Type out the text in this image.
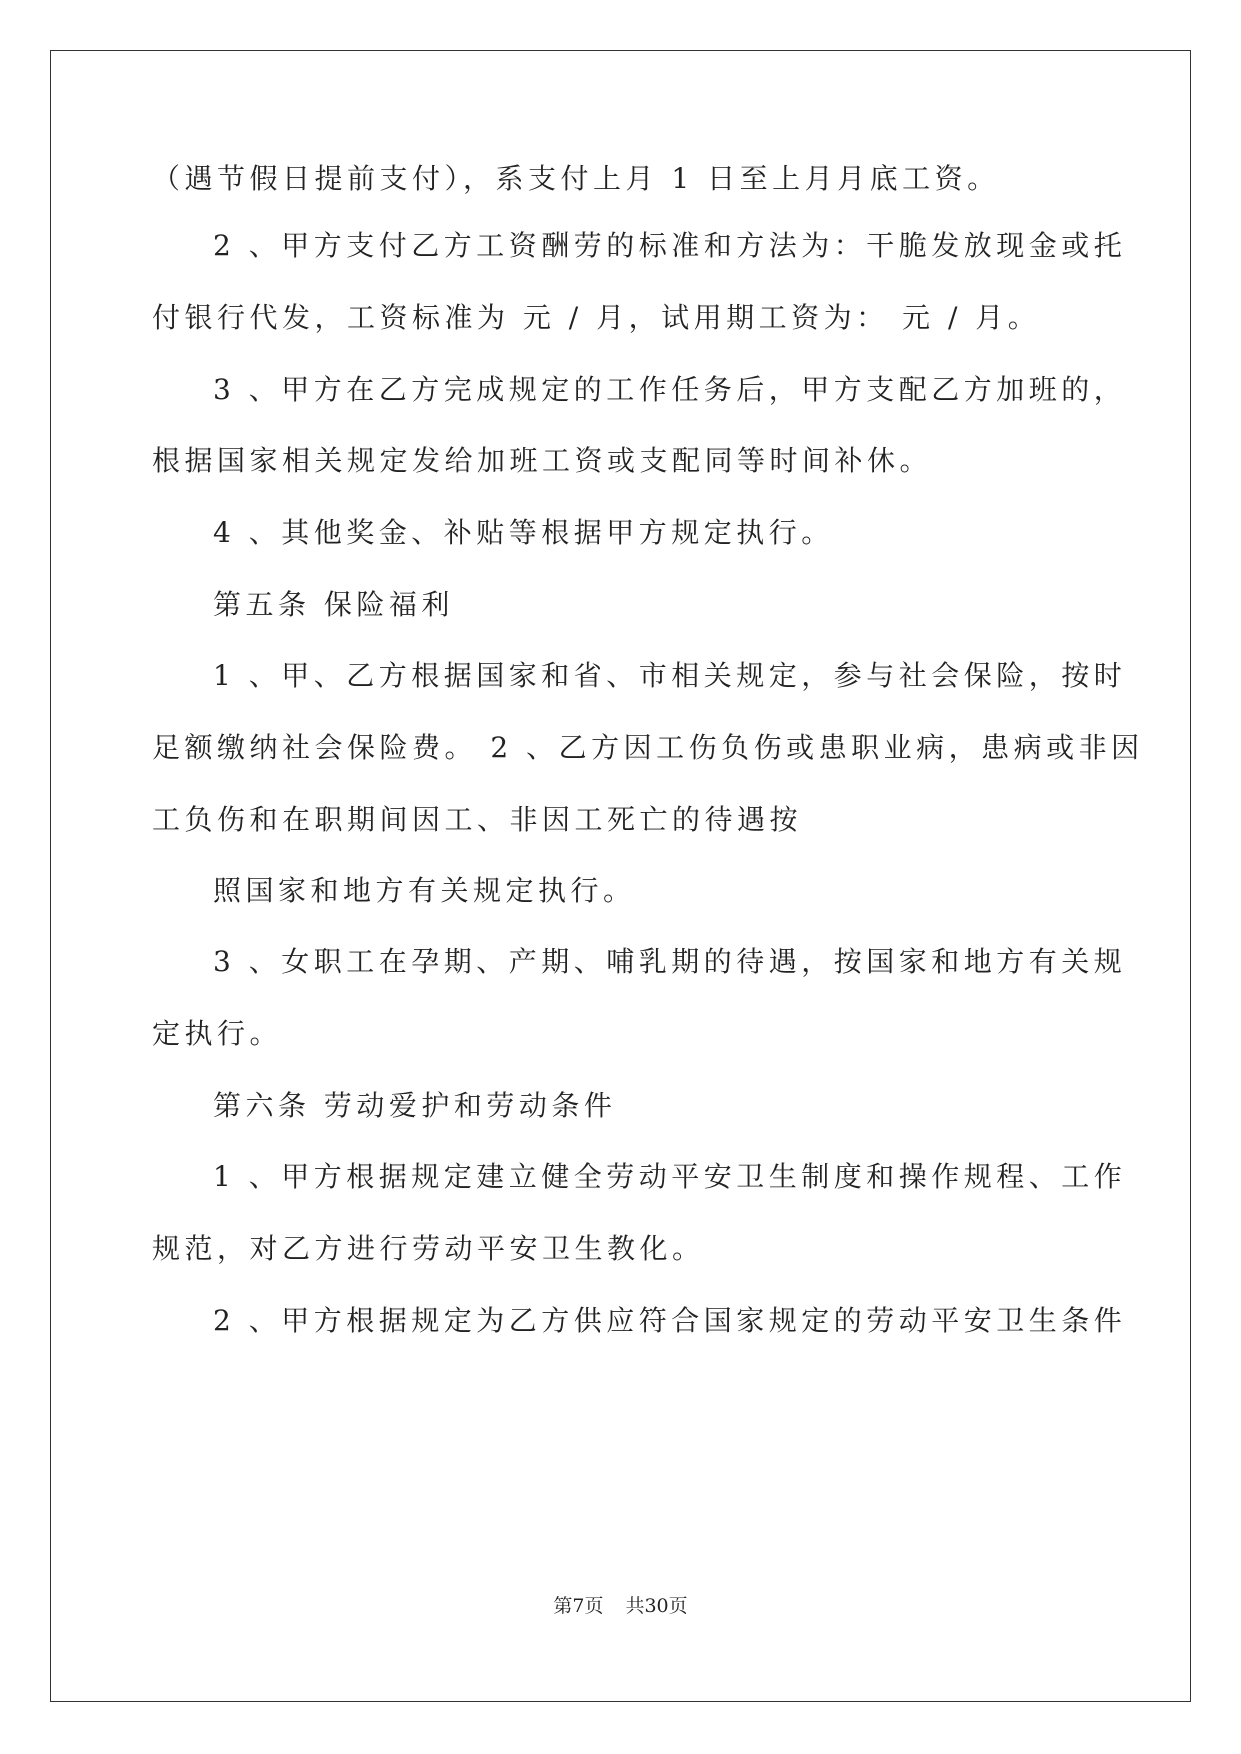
（遇节假日提前支付），系支付上月 1 日至上月月底工资。
2 、甲方支付乙方工资酬劳的标准和方法为：干脆发放现金或托
付银行代发，工资标准为 元 / 月，试用期工资为： 元 / 月。
3 、甲方在乙方完成规定的工作任务后，甲方支配乙方加班的，
根据国家相关规定发给加班工资或支配同等时间补休。
4 、其他奖金、补贴等根据甲方规定执行。
第五条 保险福利
1 、甲、乙方根据国家和省、市相关规定，参与社会保险，按时
足额缴纳社会保险费。 2 、乙方因工伤负伤或患职业病，患病或非因
工负伤和在职期间因工、非因工死亡的待遇按
照国家和地方有关规定执行。
3 、女职工在孕期、产期、哺乳期的待遇，按国家和地方有关规
定执行。
第六条 劳动爱护和劳动条件
1 、甲方根据规定建立健全劳动平安卫生制度和操作规程、工作
规范，对乙方进行劳动平安卫生教化。
2 、甲方根据规定为乙方供应符合国家规定的劳动平安卫生条件
第7页 共30页
